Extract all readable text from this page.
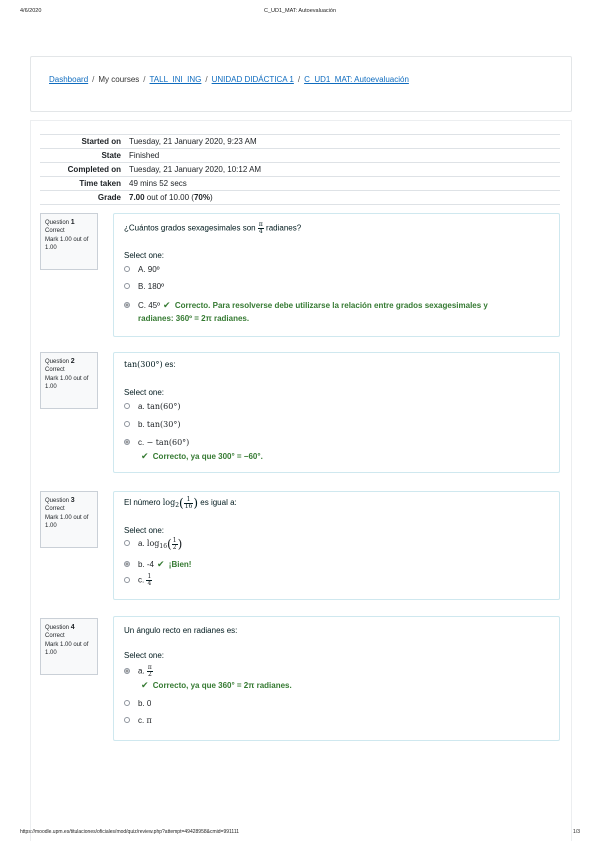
4/6/2020	C_UD1_MAT: Autoevaluación
Dashboard / My courses / TALL_INI_ING / UNIDAD DIDÁCTICA 1 / C_UD1_MAT: Autoevaluación
Started on	Tuesday, 21 January 2020, 9:23 AM
State	Finished
Completed on	Tuesday, 21 January 2020, 10:12 AM
Time taken	49 mins 52 secs
Grade	7.00 out of 10.00 (70%)
Question 1
Correct
Mark 1.00 out of 1.00
¿Cuántos grados sexagesimales son $\frac{\pi}{4}$ radianes?
Select one:
A. 90º
B. 180º
C. 45º ✔ Correcto. Para resolverse debe utilizarse la relación entre grados sexagesimales y
radianes: 360º = 2π radianes.
Question 2
Correct
Mark 1.00 out of 1.00
tan(300°) es:
Select one:
a. tan(60°)
b. tan(30°)
c. − tan(60°)
✔ Correcto, ya que 300° = −60°.
Question 3
Correct
Mark 1.00 out of 1.00
El número $\log_2( \frac{1}{16}$ ) es igual a:
Select one:
a. $\log_{16}( \frac{1}{2}$ )
b. -4 ✔ ¡Bien!
c. $\frac{1}{4}$
Question 4
Correct
Mark 1.00 out of 1.00
Un ángulo recto en radianes es:
Select one:
a. $\frac{\pi}{2}$
✔ Correcto, ya que 360° = 2π radianes.
b. 0
c. π
https://moodle.upm.es/titulaciones/oficiales/mod/quiz/review.php?attempt=49428958&cmid=991111	1/3
